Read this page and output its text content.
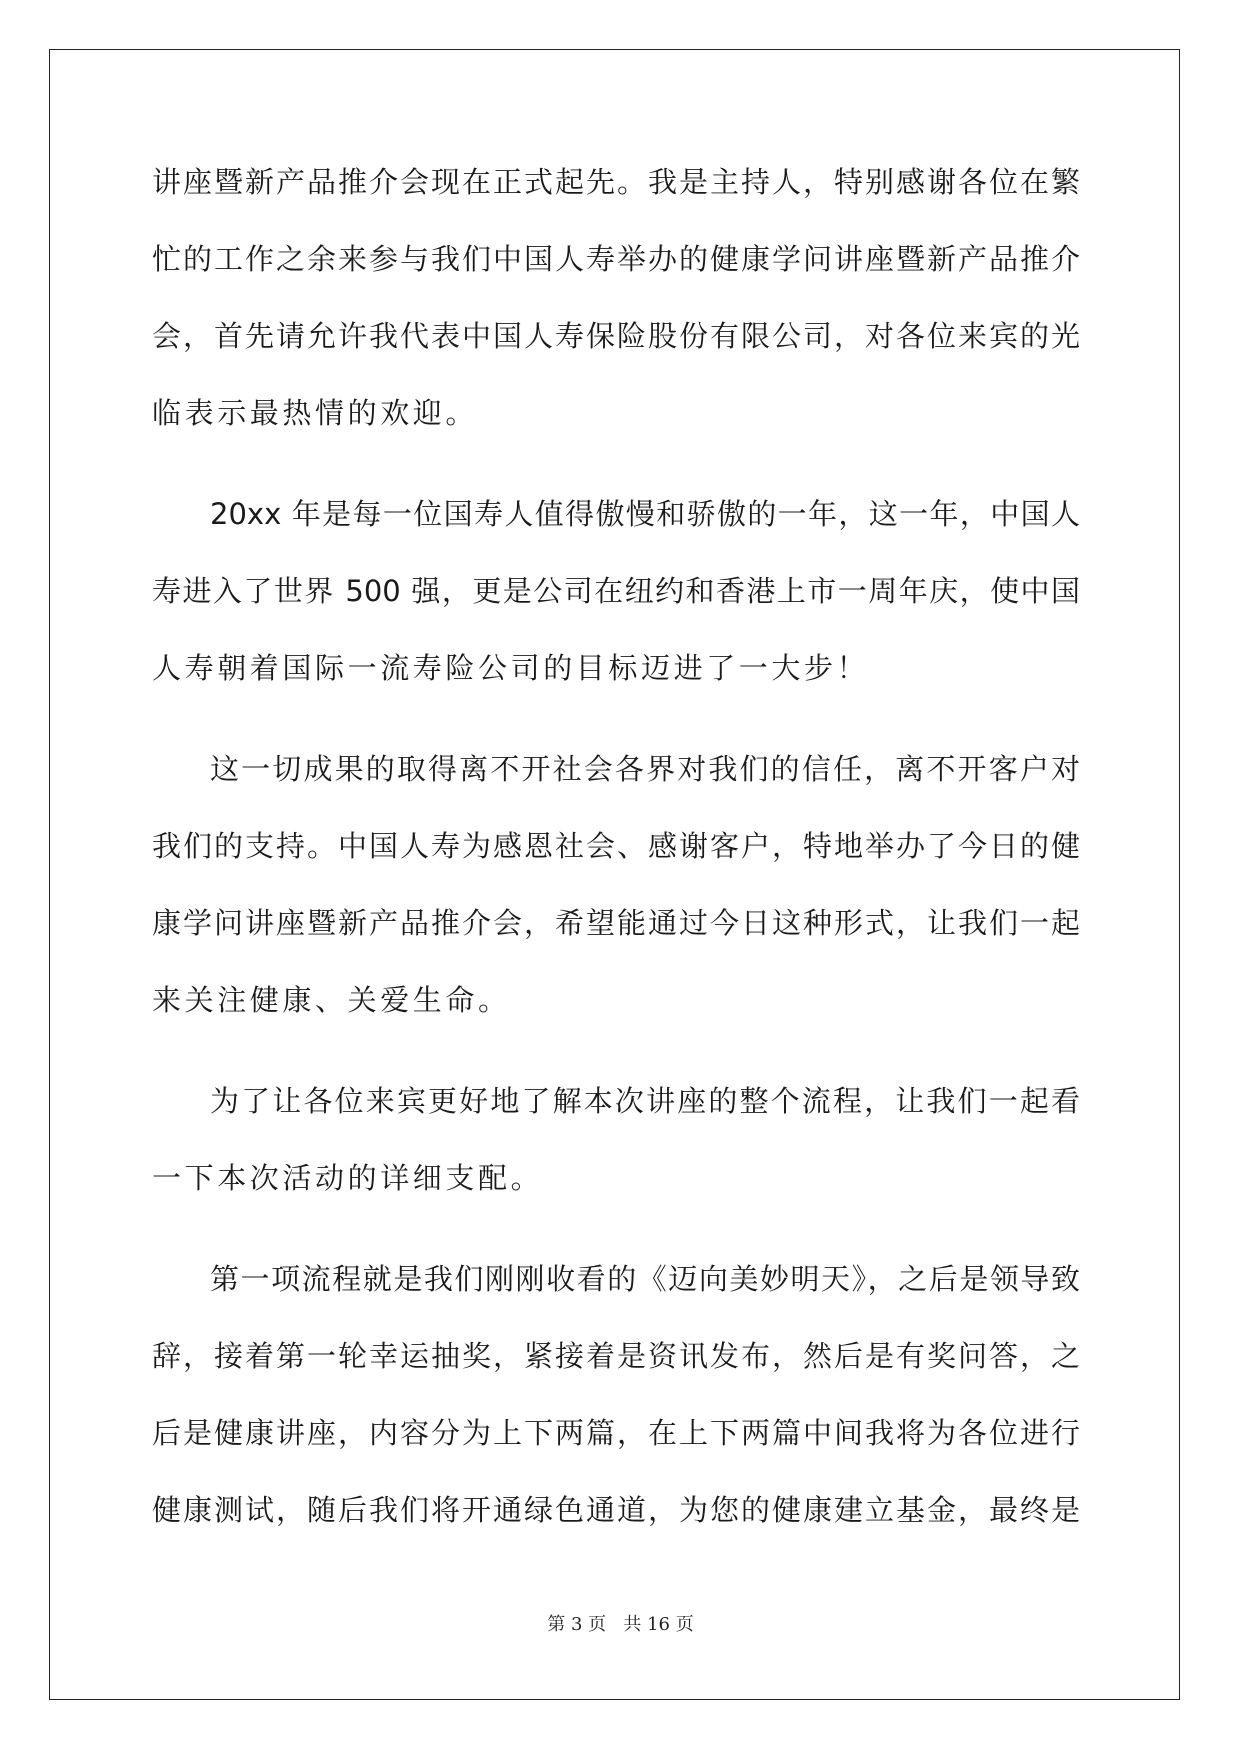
讲座暨新产品推介会现在正式起先。我是主持人，特别感谢各位在繁
忙的工作之余来参与我们中国人寿举办的健康学问讲座暨新产品推介
会，首先请允许我代表中国人寿保险股份有限公司，对各位来宾的光
临表示最热情的欢迎。
20xx 年是每一位国寿人值得傲慢和骄傲的一年，这一年，中国人
寿进入了世界 500 强，更是公司在纽约和香港上市一周年庆，使中国
人寿朝着国际一流寿险公司的目标迈进了一大步！
这一切成果的取得离不开社会各界对我们的信任，离不开客户对
我们的支持。中国人寿为感恩社会、感谢客户，特地举办了今日的健
康学问讲座暨新产品推介会，希望能通过今日这种形式，让我们一起
来关注健康、关爱生命。
为了让各位来宾更好地了解本次讲座的整个流程，让我们一起看
一下本次活动的详细支配。
第一项流程就是我们刚刚收看的《迈向美妙明天》，之后是领导致
辞，接着第一轮幸运抽奖，紧接着是资讯发布，然后是有奖问答，之
后是健康讲座，内容分为上下两篇，在上下两篇中间我将为各位进行
健康测试，随后我们将开通绿色通道，为您的健康建立基金，最终是
第 3 页 共 16 页
